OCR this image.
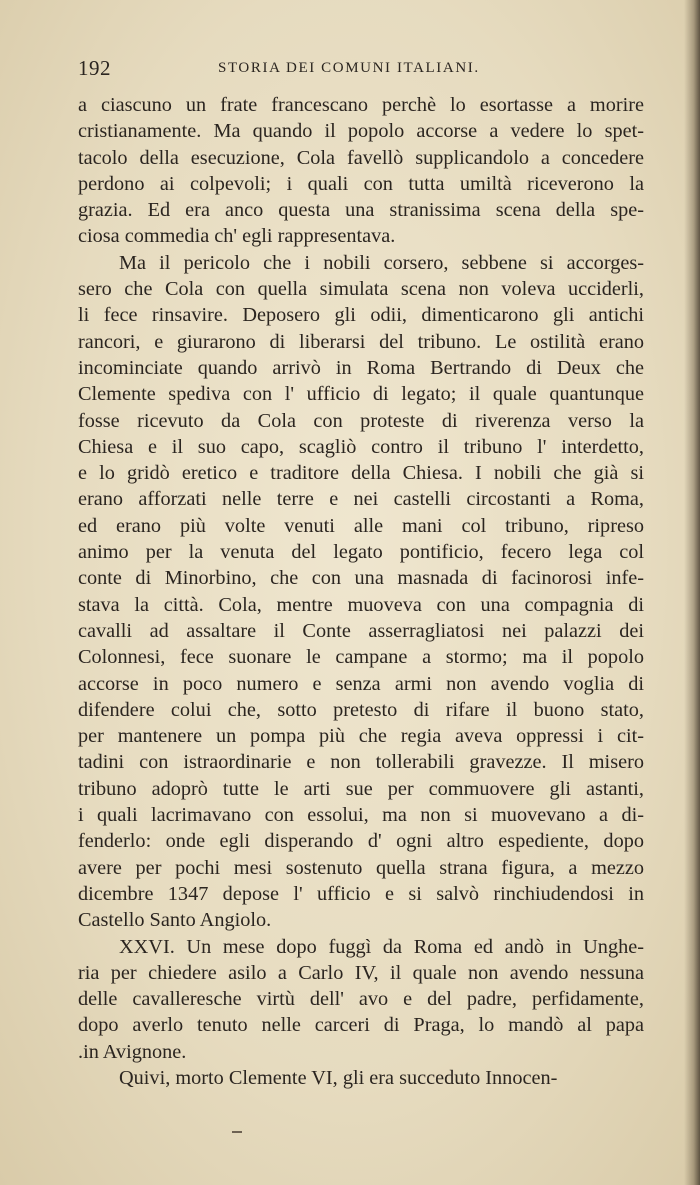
192	STORIA DEI COMUNI ITALIANI.
a ciascuno un frate francescano perchè lo esortasse a morire
cristianamente. Ma quando il popolo accorse a vedere lo spet-
tacolo della esecuzione, Cola favellò supplicandolo a concedere
perdono ai colpevoli; i quali con tutta umiltà riceverono la
grazia. Ed era anco questa una stranissima scena della spe-
ciosa commedia ch' egli rappresentava.
Ma il pericolo che i nobili corsero, sebbene si accorges-
sero che Cola con quella simulata scena non voleva ucciderli,
li fece rinsavire. Deposero gli odii, dimenticarono gli antichi
rancori, e giurarono di liberarsi del tribuno. Le ostilità erano
incominciate quando arrivò in Roma Bertrando di Deux che
Clemente spediva con l' ufficio di legato; il quale quantunque
fosse ricevuto da Cola con proteste di riverenza verso la
Chiesa e il suo capo, scagliò contro il tribuno l' interdetto,
e lo gridò eretico e traditore della Chiesa. I nobili che già si
erano afforzati nelle terre e nei castelli circostanti a Roma,
ed erano più volte venuti alle mani col tribuno, ripreso
animo per la venuta del legato pontificio, fecero lega col
conte di Minorbino, che con una masnada di facinorosi infe-
stava la città. Cola, mentre muoveva con una compagnia di
cavalli ad assaltare il Conte asserragliatosi nei palazzi dei
Colonnesi, fece suonare le campane a stormo; ma il popolo
accorse in poco numero e senza armi non avendo voglia di
difendere colui che, sotto pretesto di rifare il buono stato,
per mantenere un pompa più che regia aveva oppressi i cit-
tadini con istraordinarie e non tollerabili gravezze. Il misero
tribuno adoprò tutte le arti sue per commuovere gli astanti,
i quali lacrimavano con essolui, ma non si muovevano a di-
fenderlo: onde egli disperando d' ogni altro espediente, dopo
avere per pochi mesi sostenuto quella strana figura, a mezzo
dicembre 1347 depose l' ufficio e si salvò rinchiudendosi in
Castello Santo Angiolo.
XXVI. Un mese dopo fuggì da Roma ed andò in Unghe-
ria per chiedere asilo a Carlo IV, il quale non avendo nessuna
delle cavalleresche virtù dell' avo e del padre, perfidamente,
dopo averlo tenuto nelle carceri di Praga, lo mandò al papa
.in Avignone.
Quivi, morto Clemente VI, gli era succeduto Innocen-
